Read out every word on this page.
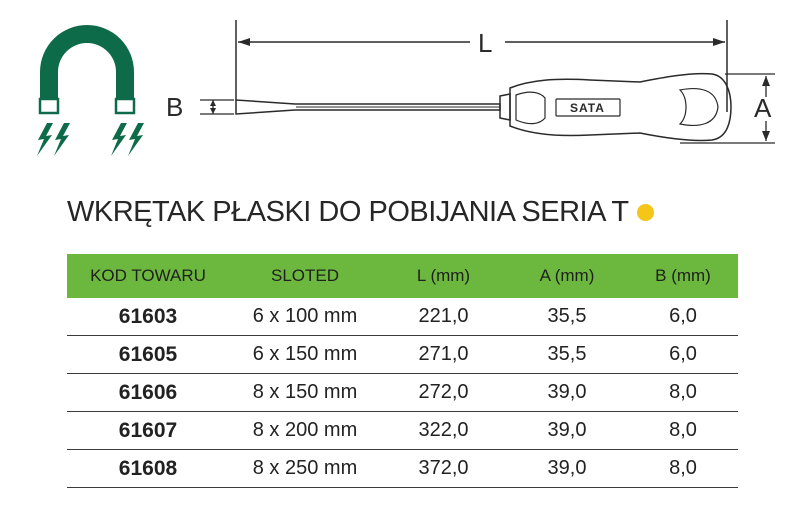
L
B	A
SATA
WKRĘTAK PŁASKI DO POBIJANIA SERIA T
KOD TOWARU	SLOTED	L (mm)	A (mm)	B (mm)
61603	6 x 100 mm	221,0	35,5	6,0
61605	6 x 150 mm	271,0	35,5	6,0
61606	8 x 150 mm	272,0	39,0	8,0
61607	8 x 200 mm	322,0	39,0	8,0
61608	8 x 250 mm	372,0	39,0	8,0
